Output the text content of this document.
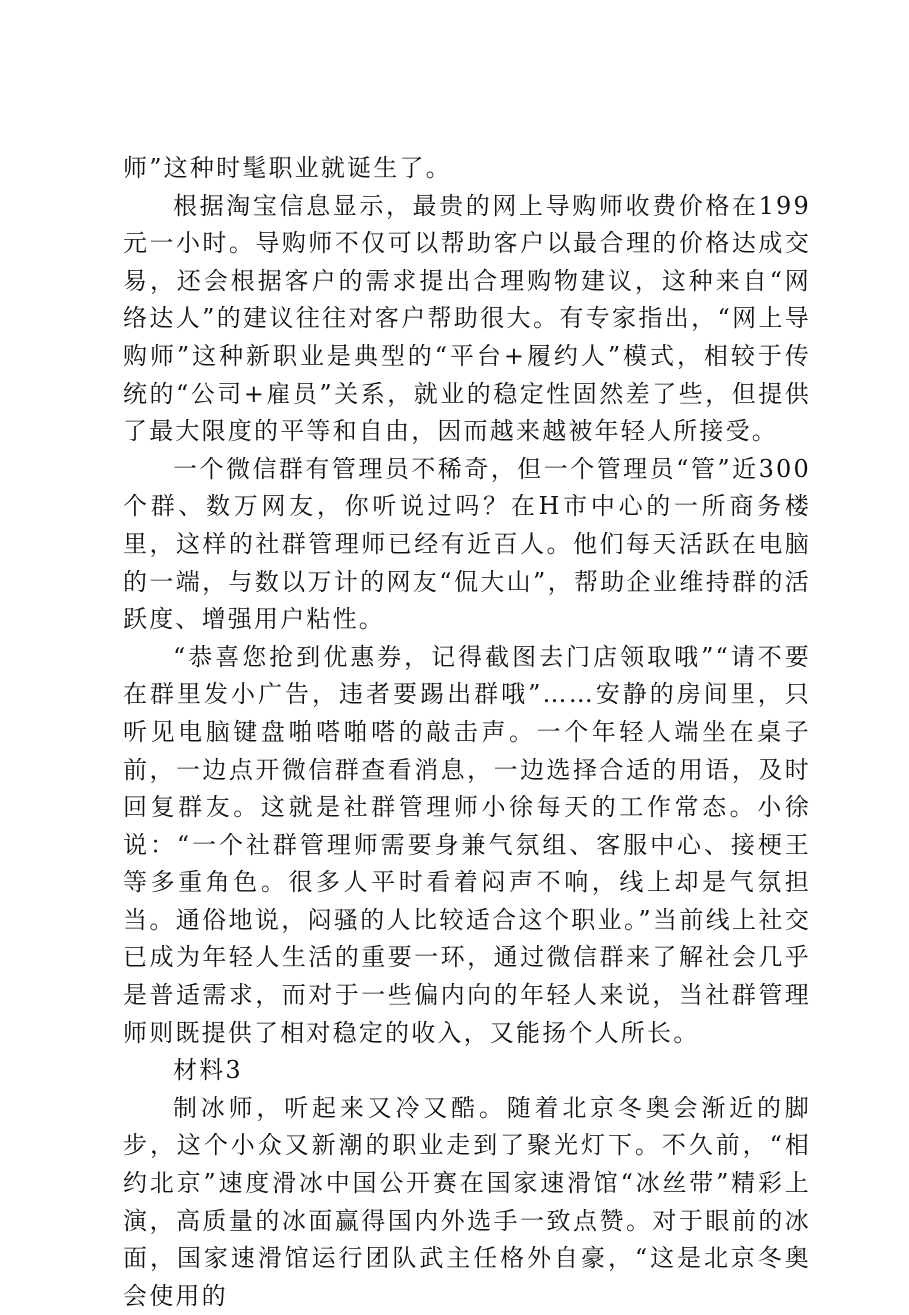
师”这种时髦职业就诞生了。

根据淘宝信息显示，最贵的网上导购师收费价格在199元一小时。导购师不仅可以帮助客户以最合理的价格达成交易，还会根据客户的需求提出合理购物建议，这种来自“网络达人”的建议往往对客户帮助很大。有专家指出，“网上导购师”这种新职业是典型的“平台+履约人”模式，相较于传统的“公司+雇员”关系，就业的稳定性固然差了些，但提供了最大限度的平等和自由，因而越来越被年轻人所接受。

一个微信群有管理员不稀奇，但一个管理员“管”近300个群、数万网友，你听说过吗？在H市中心的一所商务楼里，这样的社群管理师已经有近百人。他们每天活跃在电脑的一端，与数以万计的网友“侃大山”，帮助企业维持群的活跃度、增强用户粘性。

“恭喜您抢到优惠券，记得截图去门店领取哦”“请不要在群里发小广告，违者要踢出群哦”……安静的房间里，只听见电脑键盘啪嗒啪嗒的敲击声。一个年轻人端坐在桌子前，一边点开微信群查看消息，一边选择合适的用语，及时回复群友。这就是社群管理师小徐每天的工作常态。小徐说：“一个社群管理师需要身兼气氛组、客服中心、接梗王等多重角色。很多人平时看着闷声不响，线上却是气氛担当。通俗地说，闷骚的人比较适合这个职业。”当前线上社交已成为年轻人生活的重要一环，通过微信群来了解社会几乎是普适需求，而对于一些偏内向的年轻人来说，当社群管理师则既提供了相对稳定的收入，又能扬个人所长。

材料3

制冰师，听起来又冷又酷。随着北京冬奥会渐近的脚步，这个小众又新潮的职业走到了聚光灯下。不久前，“相约北京”速度滑冰中国公开赛在国家速滑馆“冰丝带”精彩上演，高质量的冰面赢得国内外选手一致点赞。对于眼前的冰面，国家速滑馆运行团队武主任格外自豪，“这是北京冬奥会使用的
